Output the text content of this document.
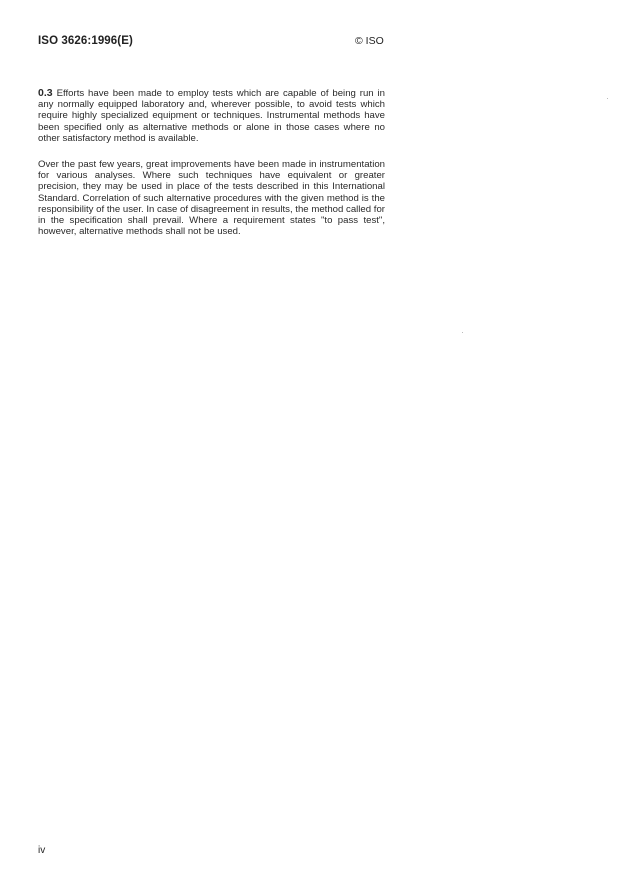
ISO 3626:1996(E)	© ISO
0.3 Efforts have been made to employ tests which are capable of being run in any normally equipped laboratory and, wherever possible, to avoid tests which require highly specialized equipment or techniques. Instrumental methods have been specified only as alternative methods or alone in those cases where no other satisfactory method is available.
Over the past few years, great improvements have been made in instrumentation for various analyses. Where such techniques have equivalent or greater precision, they may be used in place of the tests described in this International Standard. Correlation of such alternative procedures with the given method is the responsibility of the user. In case of disagreement in results, the method called for in the specification shall prevail. Where a requirement states "to pass test", however, alternative methods shall not be used.
iv
